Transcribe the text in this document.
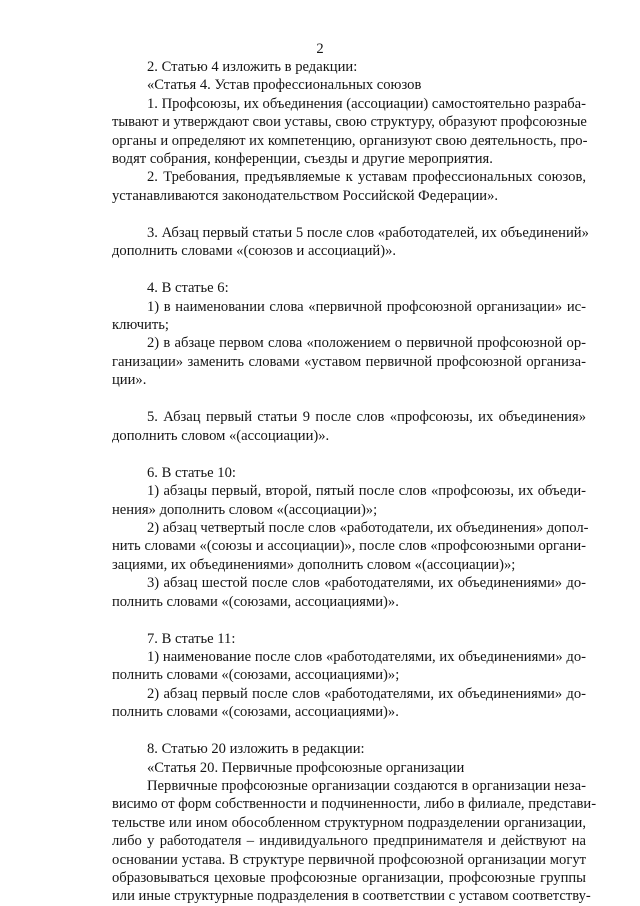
2
2. Статью 4 изложить в редакции:
«Статья 4. Устав профессиональных союзов
1. Профсоюзы, их объединения (ассоциации) самостоятельно разраба-
тывают и утверждают свои уставы, свою структуру, образуют профсоюзные
органы и определяют их компетенцию, организуют свою деятельность, про-
водят собрания, конференции, съезды и другие мероприятия.
2. Требования, предъявляемые к уставам профессиональных союзов,
устанавливаются законодательством Российской Федерации».
3. Абзац первый статьи 5 после слов «работодателей, их объединений»
дополнить словами «(союзов и ассоциаций)».
4. В статье 6:
1) в наименовании слова «первичной профсоюзной организации» ис-
ключить;
2) в абзаце первом слова «положением о первичной профсоюзной ор-
ганизации» заменить словами «уставом первичной профсоюзной организа-
ции».
5. Абзац первый статьи 9 после слов «профсоюзы, их объединения»
дополнить словом «(ассоциации)».
6. В статье 10:
1) абзацы первый, второй, пятый после слов «профсоюзы, их объеди-
нения» дополнить словом «(ассоциации)»;
2) абзац четвертый после слов «работодатели, их объединения» допол-
нить словами «(союзы и ассоциации)», после слов «профсоюзными органи-
зациями, их объединениями» дополнить словом «(ассоциации)»;
3) абзац шестой после слов «работодателями, их объединениями» до-
полнить словами «(союзами, ассоциациями)».
7. В статье 11:
1) наименование после слов «работодателями, их объединениями» до-
полнить словами «(союзами, ассоциациями)»;
2) абзац первый после слов «работодателями, их объединениями» до-
полнить словами «(союзами, ассоциациями)».
8. Статью 20 изложить в редакции:
«Статья 20. Первичные профсоюзные организации
Первичные профсоюзные организации создаются в организации неза-
висимо от форм собственности и подчиненности, либо в филиале, представи-
тельстве или ином обособленном структурном подразделении организации,
либо у работодателя – индивидуального предпринимателя и действуют на
основании устава. В структуре первичной профсоюзной организации могут
образовываться цеховые профсоюзные организации, профсоюзные группы
или иные структурные подразделения в соответствии с уставом соответству-
